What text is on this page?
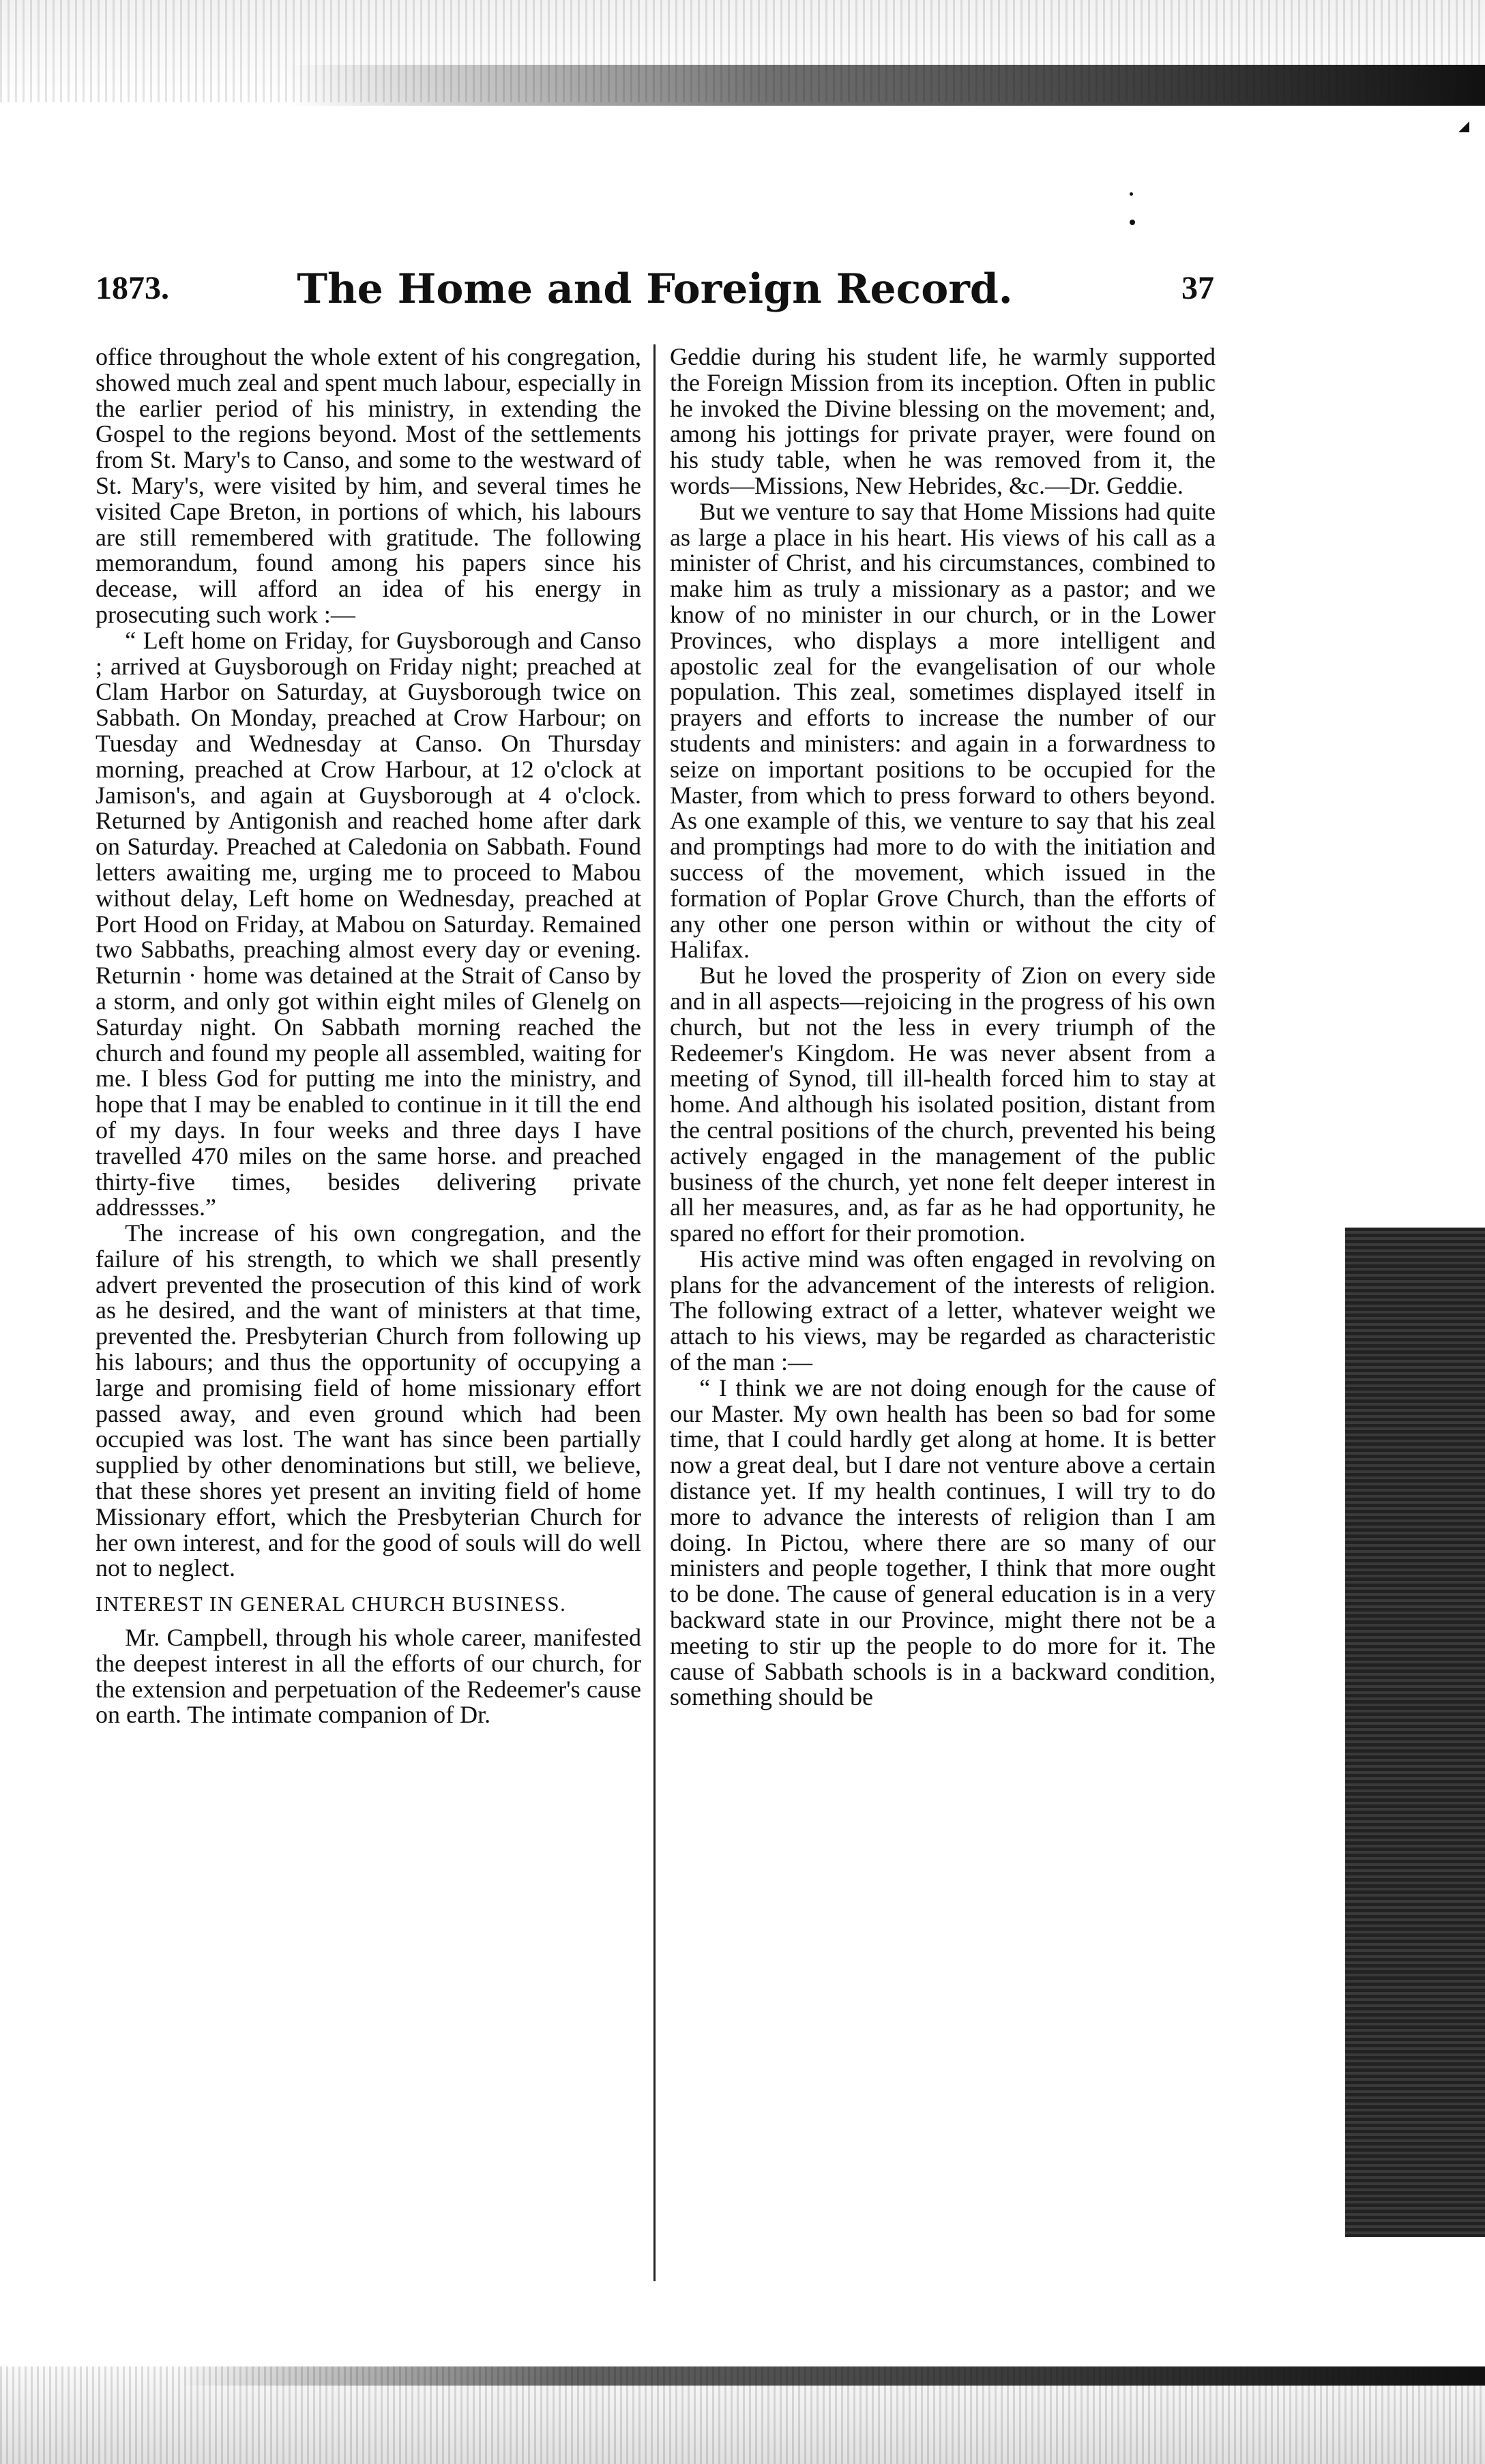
1873.	The Home and Foreign Record.	37

office throughout the whole extent of his congregation, showed much zeal and spent much labour, especially in the earlier period of his ministry, in extending the Gospel to the regions beyond. Most of the settlements from St. Mary's to Canso, and some to the westward of St. Mary's, were visited by him, and several times he visited Cape Breton, in portions of which, his labours are still remembered with gratitude. The following memorandum, found among his papers since his decease, will afford an idea of his energy in prosecuting such work :—

“ Left home on Friday, for Guysborough and Canso ; arrived at Guysborough on Friday night; preached at Clam Harbor on Saturday, at Guysborough twice on Sabbath. On Monday, preached at Crow Harbour; on Tuesday and Wednesday at Canso. On Thursday morning, preached at Crow Harbour, at 12 o'clock at Jamison's, and again at Guysborough at 4 o'clock. Returned by Antigonish and reached home after dark on Saturday. Preached at Caledonia on Sabbath. Found letters awaiting me, urging me to proceed to Mabou without delay, Left home on Wednesday, preached at Port Hood on Friday, at Mabou on Saturday. Remained two Sabbaths, preaching almost every day or evening. Returnin · home was detained at the Strait of Canso by a storm, and only got within eight miles of Glenelg on Saturday night. On Sabbath morning reached the church and found my people all assembled, waiting for me. I bless God for putting me into the ministry, and hope that I may be enabled to continue in it till the end of my days. In four weeks and three days I have travelled 470 miles on the same horse. and preached thirty-five times, besides delivering private addressses.”

The increase of his own congregation, and the failure of his strength, to which we shall presently advert prevented the prosecution of this kind of work as he desired, and the want of ministers at that time, prevented the. Presbyterian Church from following up his labours; and thus the opportunity of occupying a large and promising field of home missionary effort passed away, and even ground which had been occupied was lost. The want has since been partially supplied by other denominations but still, we believe, that these shores yet present an inviting field of home Missionary effort, which the Presbyterian Church for her own interest, and for the good of souls will do well not to neglect.

INTEREST IN GENERAL CHURCH BUSINESS.

Mr. Campbell, through his whole career, manifested the deepest interest in all the efforts of our church, for the extension and perpetuation of the Redeemer's cause on earth. The intimate companion of Dr.

Geddie during his student life, he warmly supported the Foreign Mission from its inception. Often in public he invoked the Divine blessing on the movement; and, among his jottings for private prayer, were found on his study table, when he was removed from it, the words—Missions, New Hebrides, &c.—Dr. Geddie.

But we venture to say that Home Missions had quite as large a place in his heart. His views of his call as a minister of Christ, and his circumstances, combined to make him as truly a missionary as a pastor; and we know of no minister in our church, or in the Lower Provinces, who displays a more intelligent and apostolic zeal for the evangelisation of our whole population. This zeal, sometimes displayed itself in prayers and efforts to increase the number of our students and ministers: and again in a forwardness to seize on important positions to be occupied for the Master, from which to press forward to others beyond. As one example of this, we venture to say that his zeal and promptings had more to do with the initiation and success of the movement, which issued in the formation of Poplar Grove Church, than the efforts of any other one person within or without the city of Halifax.

But he loved the prosperity of Zion on every side and in all aspects—rejoicing in the progress of his own church, but not the less in every triumph of the Redeemer's Kingdom. He was never absent from a meeting of Synod, till ill-health forced him to stay at home. And although his isolated position, distant from the central positions of the church, prevented his being actively engaged in the management of the public business of the church, yet none felt deeper interest in all her measures, and, as far as he had opportunity, he spared no effort for their promotion.

His active mind was often engaged in revolving on plans for the advancement of the interests of religion. The following extract of a letter, whatever weight we attach to his views, may be regarded as characteristic of the man :—

“ I think we are not doing enough for the cause of our Master. My own health has been so bad for some time, that I could hardly get along at home. It is better now a great deal, but I dare not venture above a certain distance yet. If my health continues, I will try to do more to advance the interests of religion than I am doing. In Pictou, where there are so many of our ministers and people together, I think that more ought to be done. The cause of general education is in a very backward state in our Province, might there not be a meeting to stir up the people to do more for it. The cause of Sabbath schools is in a backward condition, something should be
